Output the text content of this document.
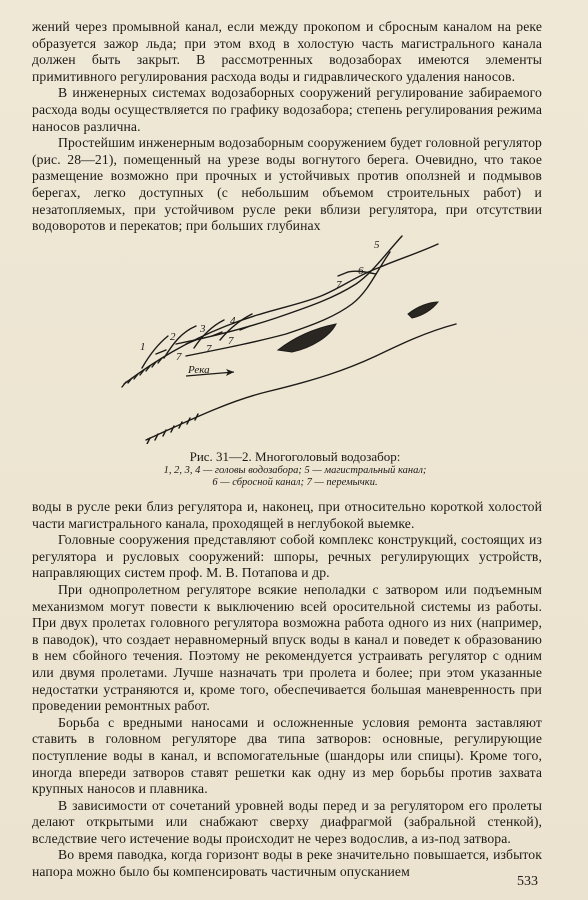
жений через промывной канал, если между прокопом и сбросным каналом на реке образуется зажор льда; при этом вход в холостую часть магистрального канала должен быть закрыт. В рассмотренных водозаборах имеются элементы примитивного регулирования расхода воды и гидравлического удаления наносов.

В инженерных системах водозаборных сооружений регулирование забираемого расхода воды осуществляется по графику водозабора; степень регулирования режима наносов различна.

Простейшим инженерным водозаборным сооружением будет головной регулятор (рис. 28—21), помещенный на урезе воды вогнутого берега. Очевидно, что такое размещение возможно при прочных и устойчивых против оползней и подмывов берегах, легко доступных (с небольшим объемом строительных работ) и незатопляемых, при устойчивом русле реки вблизи регулятора, при отсутствии водоворотов и перекатов; при больших глубинах

Река
1
2
3
4
5
6
7
7
7
7
Рис. 31—2. Многоголовый водозабор:
1, 2, 3, 4 — головы водозабора; 5 — магистральный канал;
6 — сбросной канал; 7 — перемычки.

воды в русле реки близ регулятора и, наконец, при относительно короткой холостой части магистрального канала, проходящей в неглубокой выемке.

Головные сооружения представляют собой комплекс конструкций, состоящих из регулятора и русловых сооружений: шпоры, речных регулирующих устройств, направляющих систем проф. М. В. Потапова и др.

При однопролетном регуляторе всякие неполадки с затвором или подъемным механизмом могут повести к выключению всей оросительной системы из работы. При двух пролетах головного регулятора возможна работа одного из них (например, в паводок), что создает неравномерный впуск воды в канал и поведет к образованию в нем сбойного течения. Поэтому не рекомендуется устраивать регулятор с одним или двумя пролетами. Лучше назначать три пролета и более; при этом указанные недостатки устраняются и, кроме того, обеспечивается большая маневренность при проведении ремонтных работ.

Борьба с вредными наносами и осложненные условия ремонта заставляют ставить в головном регуляторе два типа затворов: основные, регулирующие поступление воды в канал, и вспомогательные (шандоры или спицы). Кроме того, иногда впереди затворов ставят решетки как одну из мер борьбы против захвата крупных наносов и плавника.

В зависимости от сочетаний уровней воды перед и за регулятором его пролеты делают открытыми или снабжают сверху диафрагмой (забральной стенкой), вследствие чего истечение воды происходит не через водослив, а из-под затвора.

Во время паводка, когда горизонт воды в реке значительно повышается, избыток напора можно было бы компенсировать частичным опусканием

533
